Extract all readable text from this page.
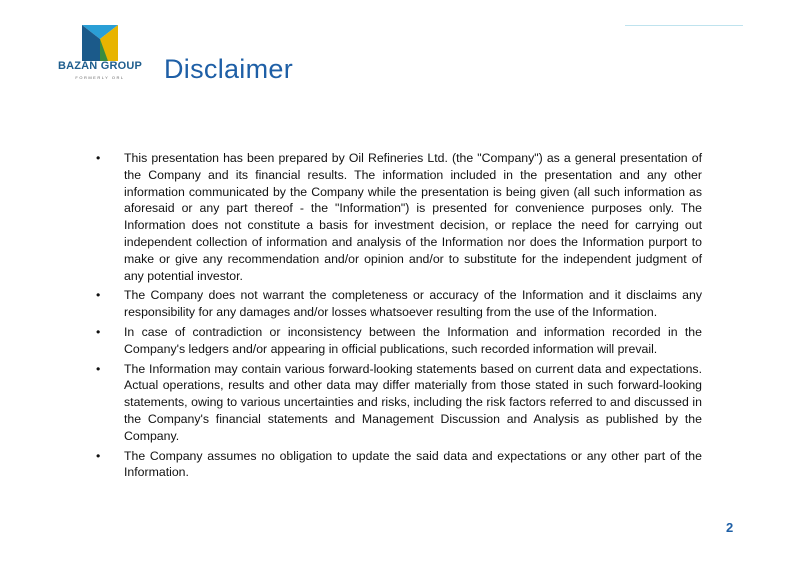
BAZAN GROUP
FORMERLY ORL	Disclaimer
•	This presentation has been prepared by Oil Refineries Ltd. (the "Company") as a general presentation of the Company and its financial results. The information included in the presentation and any other information communicated by the Company while the presentation is being given (all such information as aforesaid or any part thereof - the "Information") is presented for convenience purposes only. The Information does not constitute a basis for investment decision, or replace the need for carrying out independent collection of information and analysis of the Information nor does the Information purport to make or give any recommendation and/or opinion and/or to substitute for the independent judgment of any potential investor.
•	The Company does not warrant the completeness or accuracy of the Information and it disclaims any responsibility for any damages and/or losses whatsoever resulting from the use of the Information.
•	In case of contradiction or inconsistency between the Information and information recorded in the Company's ledgers and/or appearing in official publications, such recorded information will prevail.
•	The Information may contain various forward-looking statements based on current data and expectations. Actual operations, results and other data may differ materially from those stated in such forward-looking statements, owing to various uncertainties and risks, including the risk factors referred to and discussed in the Company's financial statements and Management Discussion and Analysis as published by the Company.
•	The Company assumes no obligation to update the said data and expectations or any other part of the Information.
2
